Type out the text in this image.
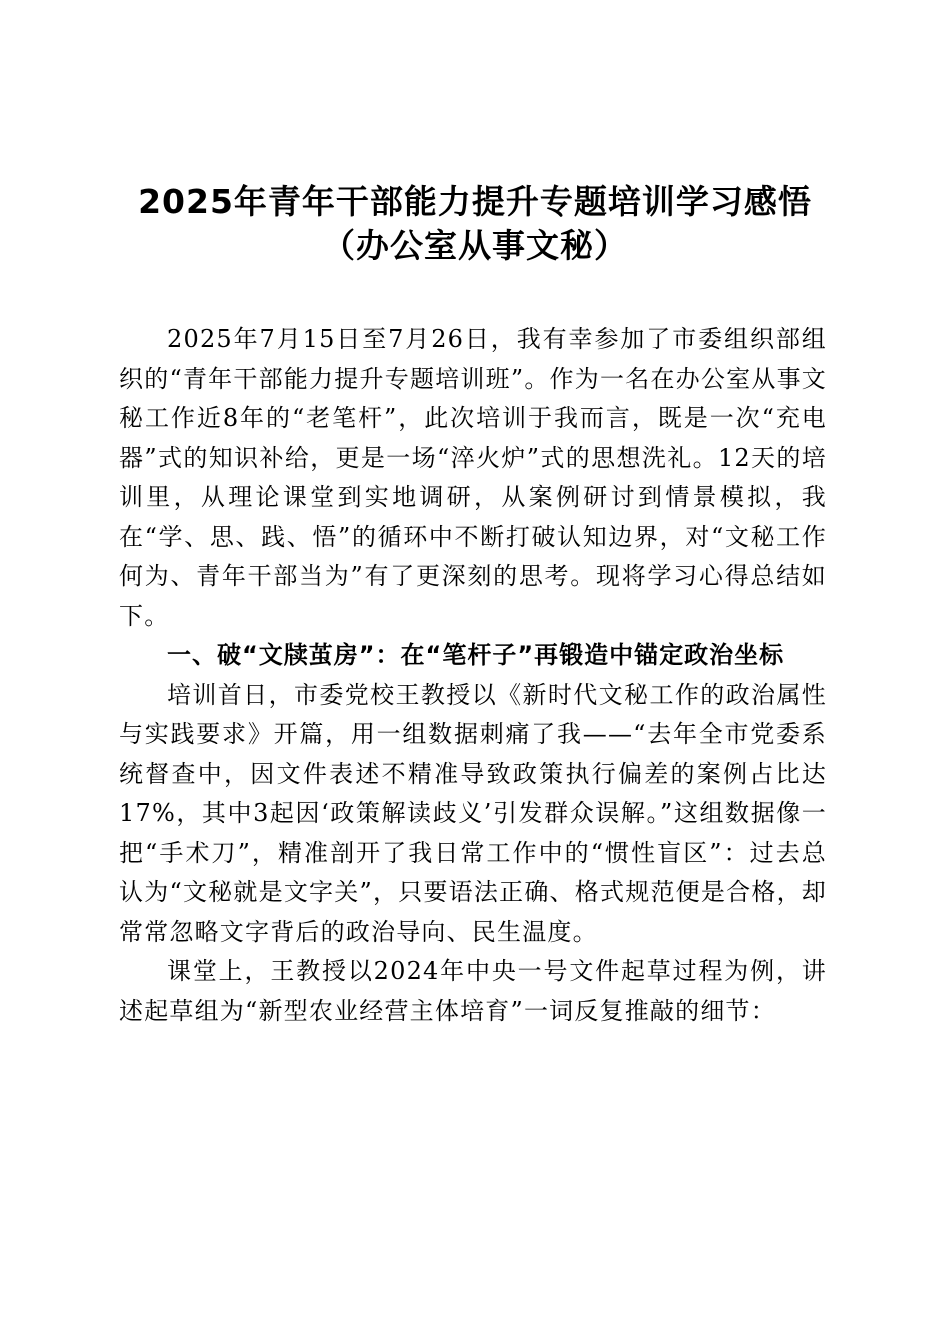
2025年青年干部能力提升专题培训学习感悟
（办公室从事文秘）

2025年7月15日至7月26日，我有幸参加了市委组织部组织的“青年干部能力提升专题培训班”。作为一名在办公室从事文秘工作近8年的“老笔杆”，此次培训于我而言，既是一次“充电器”式的知识补给，更是一场“淬火炉”式的思想洗礼。12天的培训里，从理论课堂到实地调研，从案例研讨到情景模拟，我在“学、思、践、悟”的循环中不断打破认知边界，对“文秘工作何为、青年干部当为”有了更深刻的思考。现将学习心得总结如下。

一、破“文牍茧房”：在“笔杆子”再锻造中锚定政治坐标

培训首日，市委党校王教授以《新时代文秘工作的政治属性与实践要求》开篇，用一组数据刺痛了我——“去年全市党委系统督查中，因文件表述不精准导致政策执行偏差的案例占比达17%，其中3起因‘政策解读歧义’引发群众误解。”这组数据像一把“手术刀”，精准剖开了我日常工作中的“惯性盲区”：过去总认为“文秘就是文字关”，只要语法正确、格式规范便是合格，却常常忽略文字背后的政治导向、民生温度。

课堂上，王教授以2024年中央一号文件起草过程为例，讲述起草组为“新型农业经营主体培育”一词反复推敲的细节：
